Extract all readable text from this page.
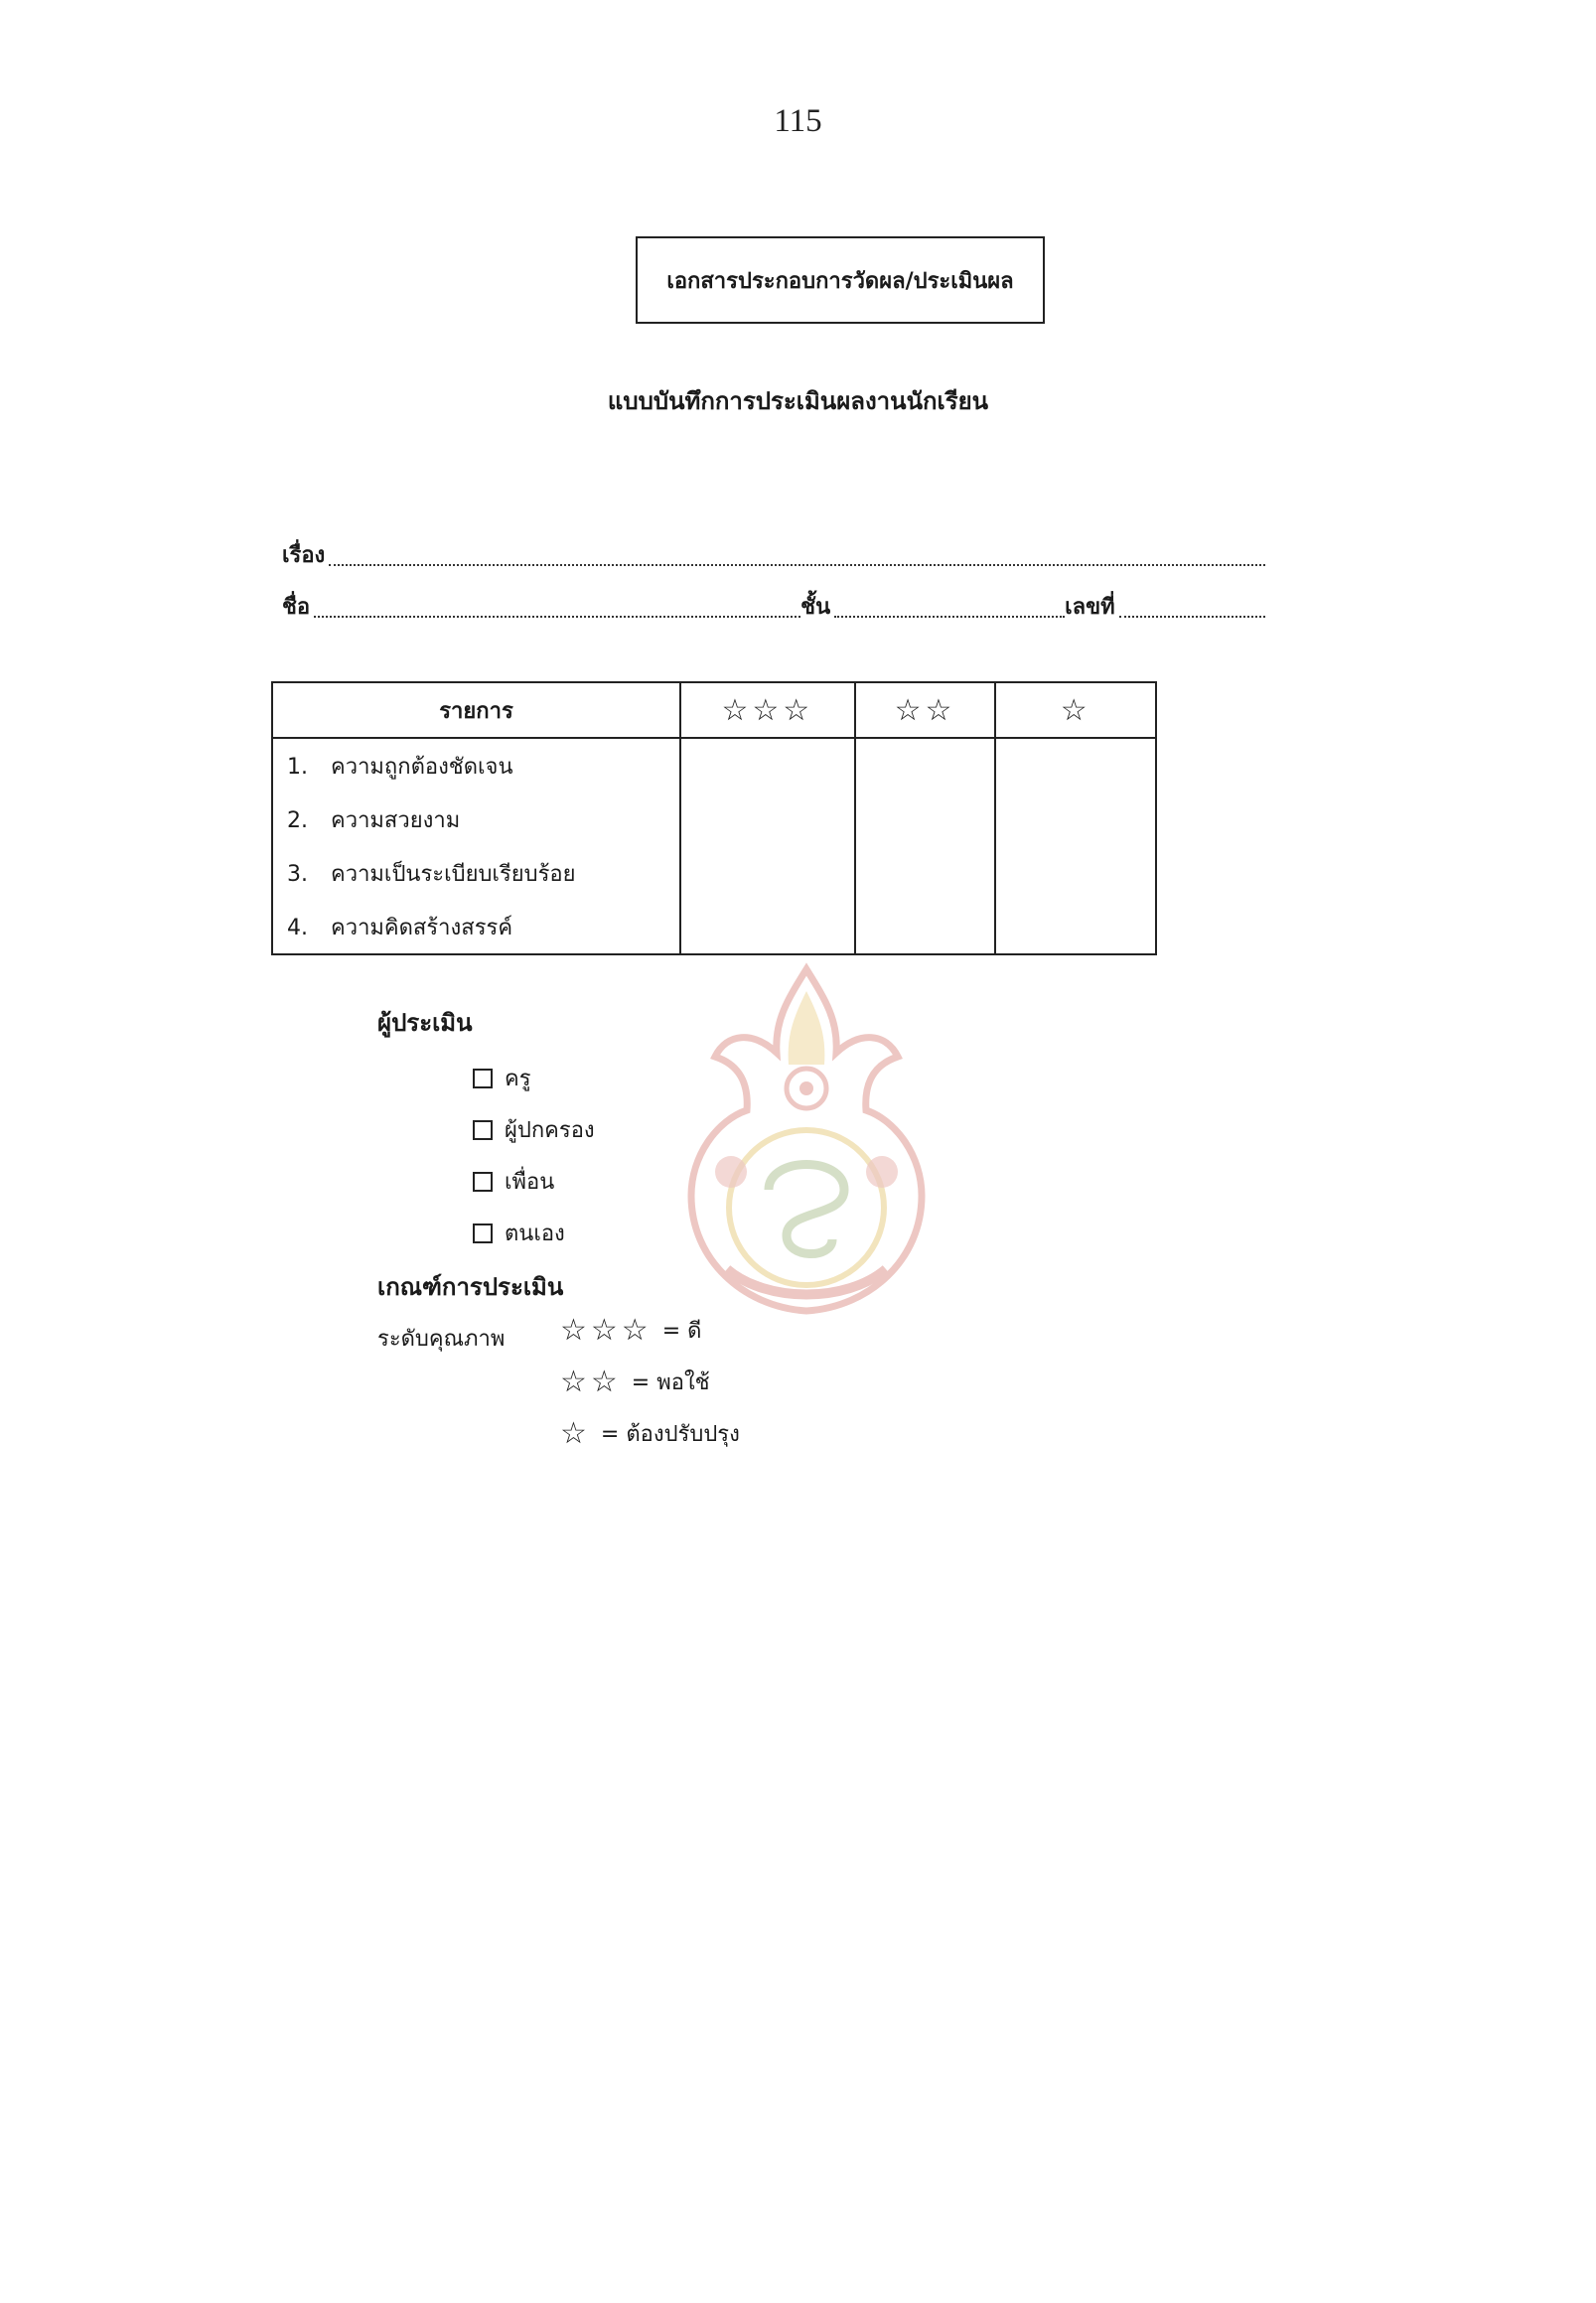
115
เอกสารประกอบการวัดผล/ประเมินผล
แบบบันทึกการประเมินผลงานนักเรียน
เรื่อง
ชื่อ	ชั้น	เลขที่
รายการ	☆☆☆	☆☆	☆
1. ความถูกต้องชัดเจน			
2. ความสวยงาม			
3. ความเป็นระเบียบเรียบร้อย			
4. ความคิดสร้างสรรค์			
ผู้ประเมิน
ครู
ผู้ปกครอง
เพื่อน
ตนเอง
เกณฑ์การประเมิน
ระดับคุณภาพ ☆☆☆ = ดี
☆☆ = พอใช้
☆ = ต้องปรับปรุง
